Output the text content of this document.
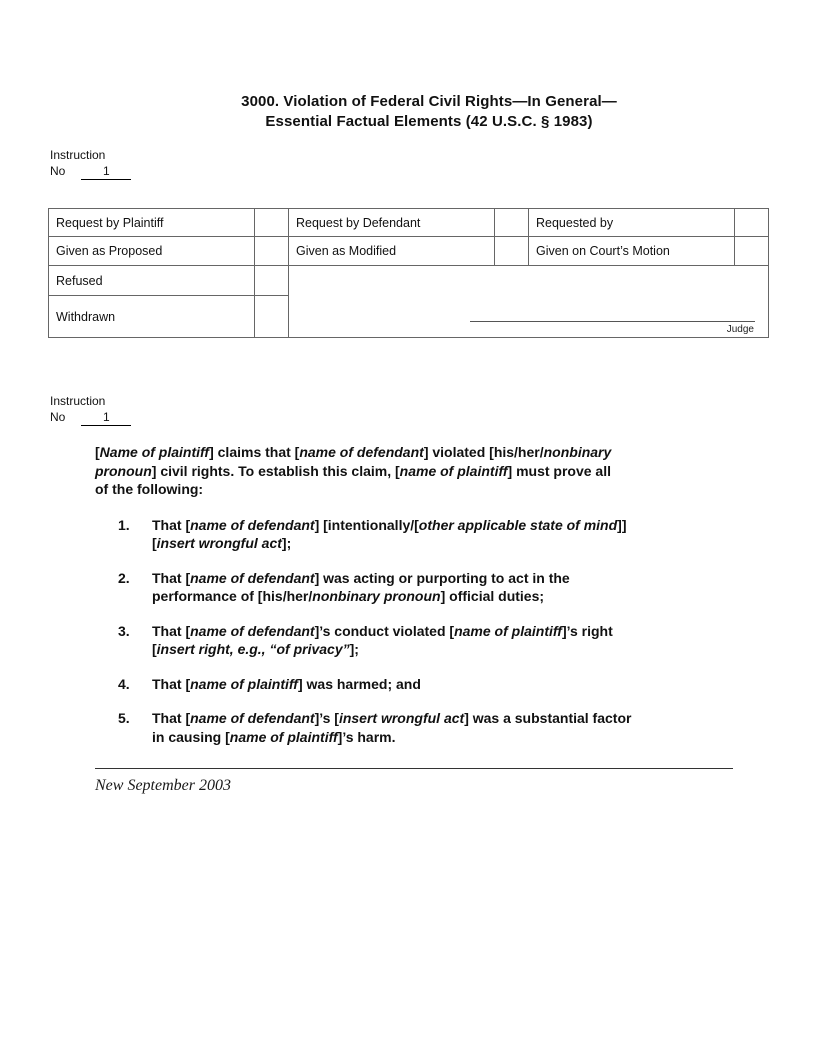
3000. Violation of Federal Civil Rights—In General—
Essential Factual Elements (42 U.S.C. § 1983)
Instruction
No	1
Request by Plaintiff		Request by Defendant		Requested by	
Given as Proposed		Given as Modified		Given on Court’s Motion	
Refused		Judge			

Withdrawn					
Instruction
No	1

[Name of plaintiff] claims that [name of defendant] violated [his/her/nonbinary
pronoun] civil rights. To establish this claim, [name of plaintiff] must prove all
of the following:

1.	That [name of defendant] [intentionally/[other applicable state of mind]]
[insert wrongful act];
2.	That [name of defendant] was acting or purporting to act in the
performance of [his/her/nonbinary pronoun] official duties;
3.	That [name of defendant]’s conduct violated [name of plaintiff]’s right
[insert right, e.g., “of privacy”];
4.	That [name of plaintiff] was harmed; and
5.	That [name of defendant]’s [insert wrongful act] was a substantial factor
in causing [name of plaintiff]’s harm.
New September 2003
